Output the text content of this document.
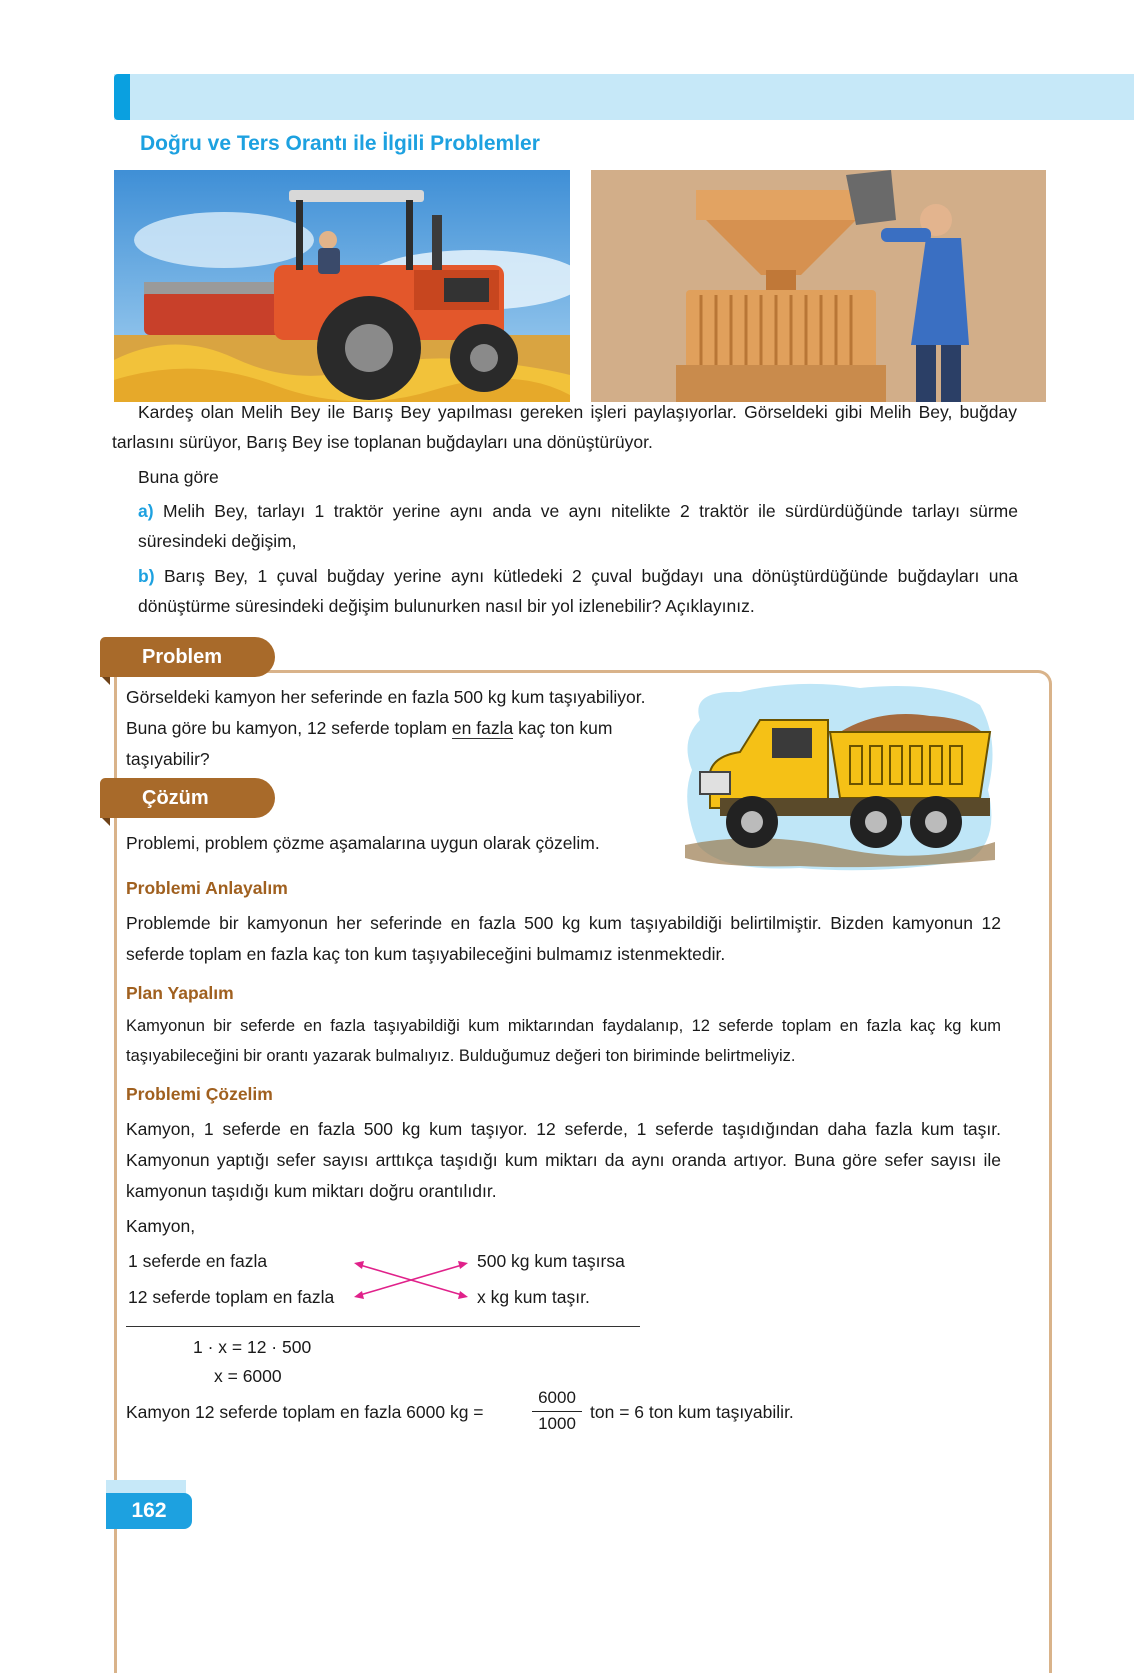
Doğru ve Ters Orantı ile İlgili Problemler
Kardeş olan Melih Bey ile Barış Bey yapılması gereken işleri paylaşıyorlar. Görseldeki gibi Melih Bey, buğday tarlasını sürüyor, Barış Bey ise toplanan buğdayları una dönüştürüyor.
Buna göre
a) Melih Bey, tarlayı 1 traktör yerine aynı anda ve aynı nitelikte 2 traktör ile sürdürdüğünde tarlayı sürme süresindeki değişim,
b) Barış Bey, 1 çuval buğday yerine aynı kütledeki 2 çuval buğdayı una dönüştürdüğünde buğdayları una dönüştürme süresindeki değişim bulunurken nasıl bir yol izlenebilir? Açıklayınız.
Problem
Görseldeki kamyon her seferinde en fazla 500 kg kum taşıyabiliyor. Buna göre bu kamyon, 12 seferde toplam en fazla kaç ton kum taşıyabilir?
Çözüm
Problemi, problem çözme aşamalarına uygun olarak çözelim.
Problemi Anlayalım
Problemde bir kamyonun her seferinde en fazla 500 kg kum taşıyabildiği belirtilmiştir. Bizden kamyonun 12 seferde toplam en fazla kaç ton kum taşıyabileceğini bulmamız istenmektedir.
Plan Yapalım
Kamyonun bir seferde en fazla taşıyabildiği kum miktarından faydalanıp, 12 seferde toplam en fazla kaç kg kum taşıyabileceğini bir orantı yazarak bulmalıyız. Bulduğumuz değeri ton biriminde belirtmeliyiz.
Problemi Çözelim
Kamyon, 1 seferde en fazla 500 kg kum taşıyor. 12 seferde, 1 seferde taşıdığından daha fazla kum taşır. Kamyonun yaptığı sefer sayısı arttıkça taşıdığı kum miktarı da aynı oranda artıyor. Buna göre sefer sayısı ile kamyonun taşıdığı kum miktarı doğru orantılıdır.
Kamyon,
1 seferde en fazla	500 kg kum taşırsa
12 seferde toplam en fazla	x kg kum taşır.
1 · x = 12 · 500
x = 6000
Kamyon 12 seferde toplam en fazla 6000 kg =
6000
1000
ton = 6 ton kum taşıyabilir.
162
